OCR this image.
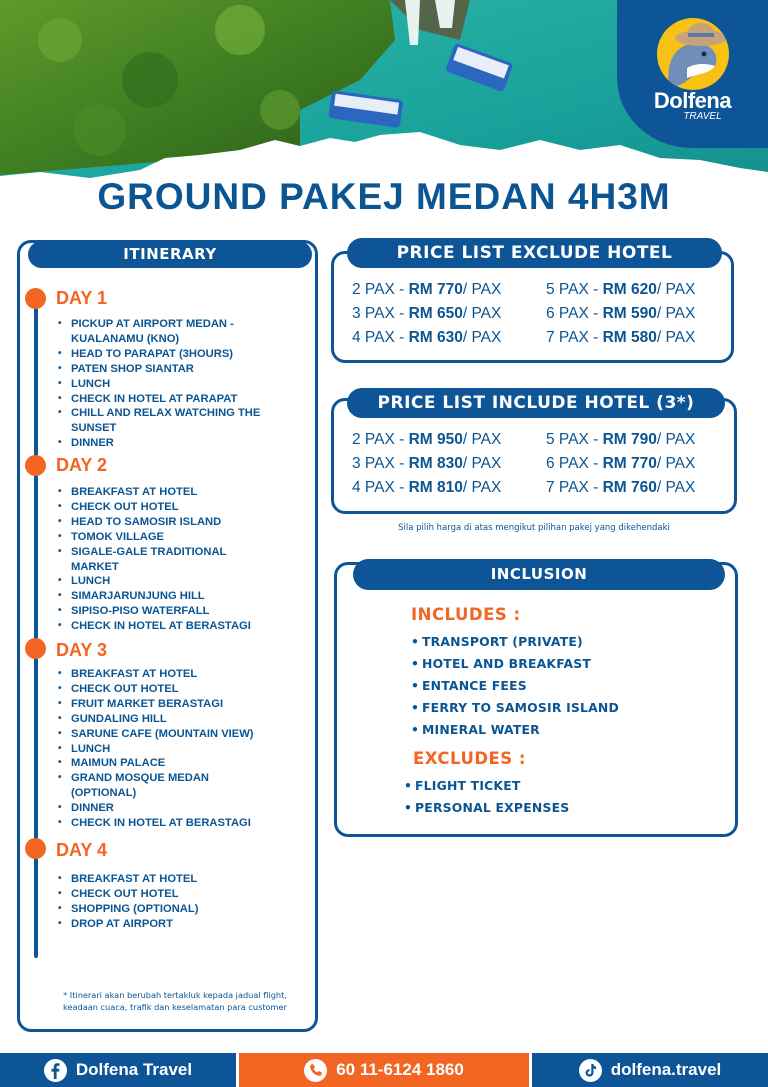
Dolfena
TRAVEL
GROUND PAKEJ MEDAN 4H3M
ITINERARY
DAY 1
• PICKUP AT AIRPORT MEDAN -
KUALANAMU (KNO)
• HEAD TO PARAPAT (3HOURS)
• PATEN SHOP SIANTAR
• LUNCH
• CHECK IN HOTEL AT PARAPAT
• CHILL AND RELAX WATCHING THE
SUNSET
• DINNER
DAY 2
• BREAKFAST AT HOTEL
• CHECK OUT HOTEL
• HEAD TO SAMOSIR ISLAND
• TOMOK VILLAGE
• SIGALE-GALE TRADITIONAL
MARKET
• LUNCH
• SIMARJARUNJUNG HILL
• SIPISO-PISO WATERFALL
• CHECK IN HOTEL AT BERASTAGI
DAY 3
• BREAKFAST AT HOTEL
• CHECK OUT HOTEL
• FRUIT MARKET BERASTAGI
• GUNDALING HILL
• SARUNE CAFE (MOUNTAIN VIEW)
• LUNCH
• MAIMUN PALACE
• GRAND MOSQUE MEDAN
(OPTIONAL)
• DINNER
• CHECK IN HOTEL AT BERASTAGI
DAY 4
• BREAKFAST AT HOTEL
• CHECK OUT HOTEL
• SHOPPING (OPTIONAL)
• DROP AT AIRPORT
* Itinerari akan berubah tertakluk kepada jadual flight,
keadaan cuaca, trafik dan keselamatan para customer
PRICE LIST EXCLUDE HOTEL
2 PAX - RM 770/ PAX	5 PAX - RM 620/ PAX
3 PAX - RM 650/ PAX	6 PAX - RM 590/ PAX
4 PAX - RM 630/ PAX	7 PAX - RM 580/ PAX
PRICE LIST INCLUDE HOTEL (3*)
2 PAX - RM 950/ PAX	5 PAX - RM 790/ PAX
3 PAX - RM 830/ PAX	6 PAX - RM 770/ PAX
4 PAX - RM 810/ PAX	7 PAX - RM 760/ PAX
Sila pilih harga di atas mengikut pilihan pakej yang dikehendaki
INCLUSION
INCLUDES :
• TRANSPORT (PRIVATE)
• HOTEL AND BREAKFAST
• ENTANCE FEES
• FERRY TO SAMOSIR ISLAND
• MINERAL WATER
EXCLUDES :
• FLIGHT TICKET
• PERSONAL EXPENSES
Dolfena Travel	60 11-6124 1860	dolfena.travel
